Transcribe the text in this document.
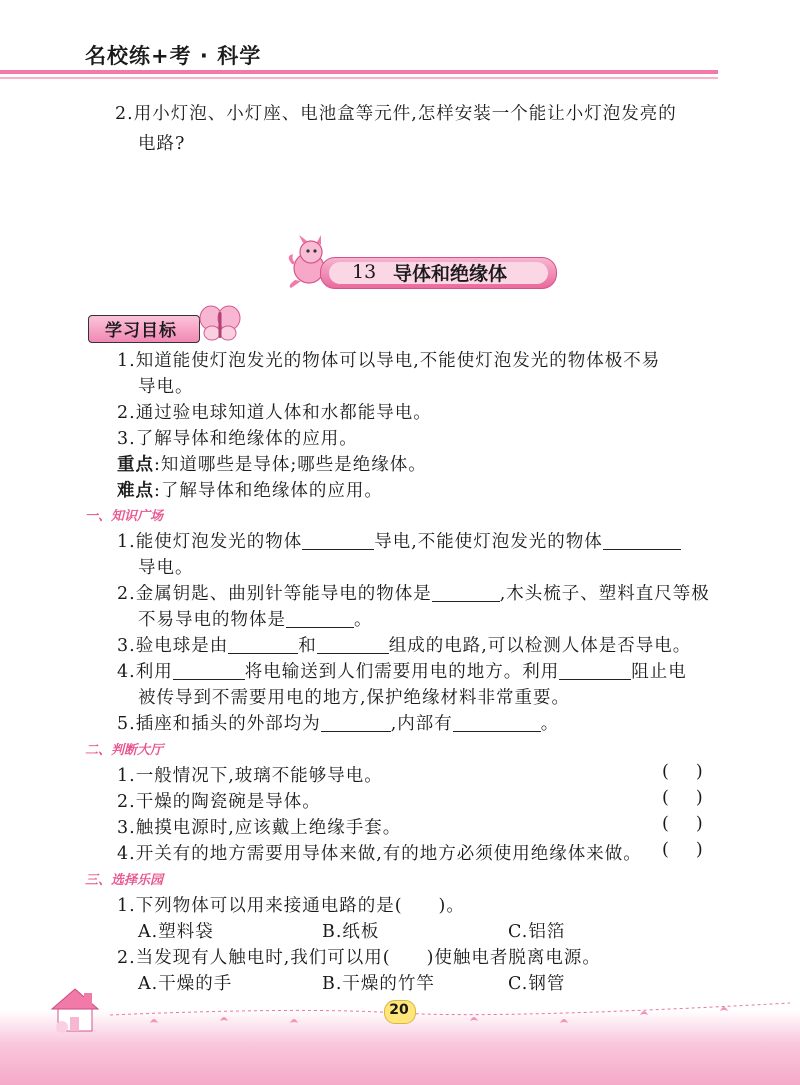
名校练+考 · 科学
2.用小灯泡、小灯座、电池盒等元件,怎样安装一个能让小灯泡发亮的
电路?
13 导体和绝缘体
学习目标
1.知道能使灯泡发光的物体可以导电,不能使灯泡发光的物体极不易
导电。
2.通过验电球知道人体和水都能导电。
3.了解导体和绝缘体的应用。
重点:知道哪些是导体;哪些是绝缘体。
难点:了解导体和绝缘体的应用。
一、知识广场
1.能使灯泡发光的物体	导电,不能使灯泡发光的物体
导电。
2.金属钥匙、曲别针等能导电的物体是	,木头梳子、塑料直尺等极
不易导电的物体是	。
3.验电球是由	和	组成的电路,可以检测人体是否导电。
4.利用	将电输送到人们需要用电的地方。利用	阻止电
被传导到不需要用电的地方,保护绝缘材料非常重要。
5.插座和插头的外部均为	,内部有	。
二、判断大厅
1.一般情况下,玻璃不能够导电。	( )
2.干燥的陶瓷碗是导体。	( )
3.触摸电源时,应该戴上绝缘手套。	( )
4.开关有的地方需要用导体来做,有的地方必须使用绝缘体来做。 ( )
三、选择乐园
1.下列物体可以用来接通电路的是( )。
A.塑料袋	B.纸板	C.铝箔
2.当发现有人触电时,我们可以用( )使触电者脱离电源。
A.干燥的手	B.干燥的竹竿	C.钢管
20
